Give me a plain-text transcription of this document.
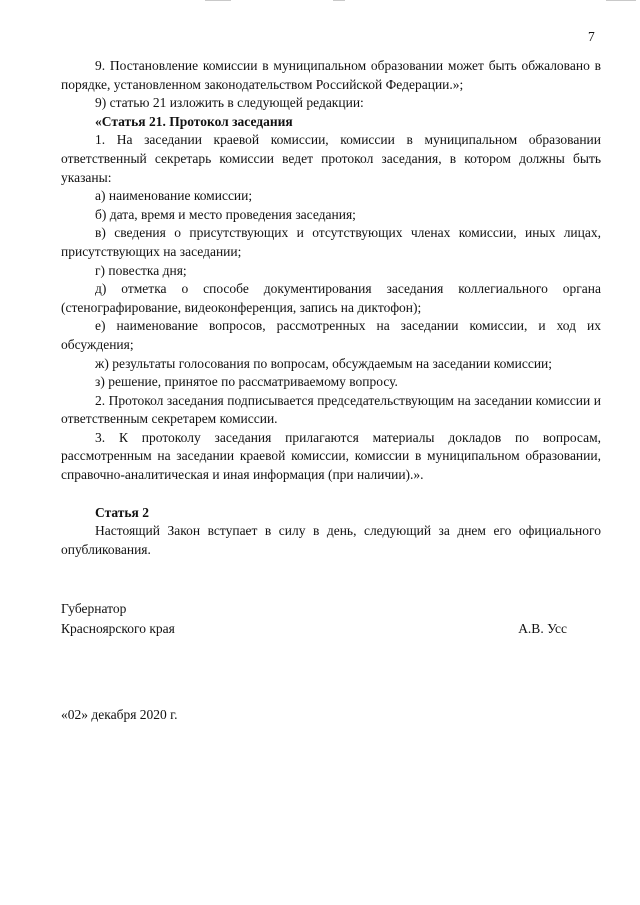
7

9. Постановление комиссии в муниципальном образовании может быть обжаловано в порядке, установленном законодательством Российской Федерации.»;

9) статью 21 изложить в следующей редакции:

«Статья 21. Протокол заседания

1. На заседании краевой комиссии, комиссии в муниципальном образовании ответственный секретарь комиссии ведет протокол заседания, в котором должны быть указаны:

а) наименование комиссии;

б) дата, время и место проведения заседания;

в) сведения о присутствующих и отсутствующих членах комиссии, иных лицах, присутствующих на заседании;

г) повестка дня;

д) отметка о способе документирования заседания коллегиального органа (стенографирование, видеоконференция, запись на диктофон);

е) наименование вопросов, рассмотренных на заседании комиссии, и ход их обсуждения;

ж) результаты голосования по вопросам, обсуждаемым на заседании комиссии;

з) решение, принятое по рассматриваемому вопросу.

2. Протокол заседания подписывается председательствующим на заседании комиссии и ответственным секретарем комиссии.

3. К протоколу заседания прилагаются материалы докладов по вопросам, рассмотренным на заседании краевой комиссии, комиссии в муниципальном образовании, справочно-аналитическая и иная информация (при наличии).».

Статья 2

Настоящий Закон вступает в силу в день, следующий за днем его официального опубликования.

Губернатор
Красноярского края	А.В. Усс
«02» декабря 2020 г.
